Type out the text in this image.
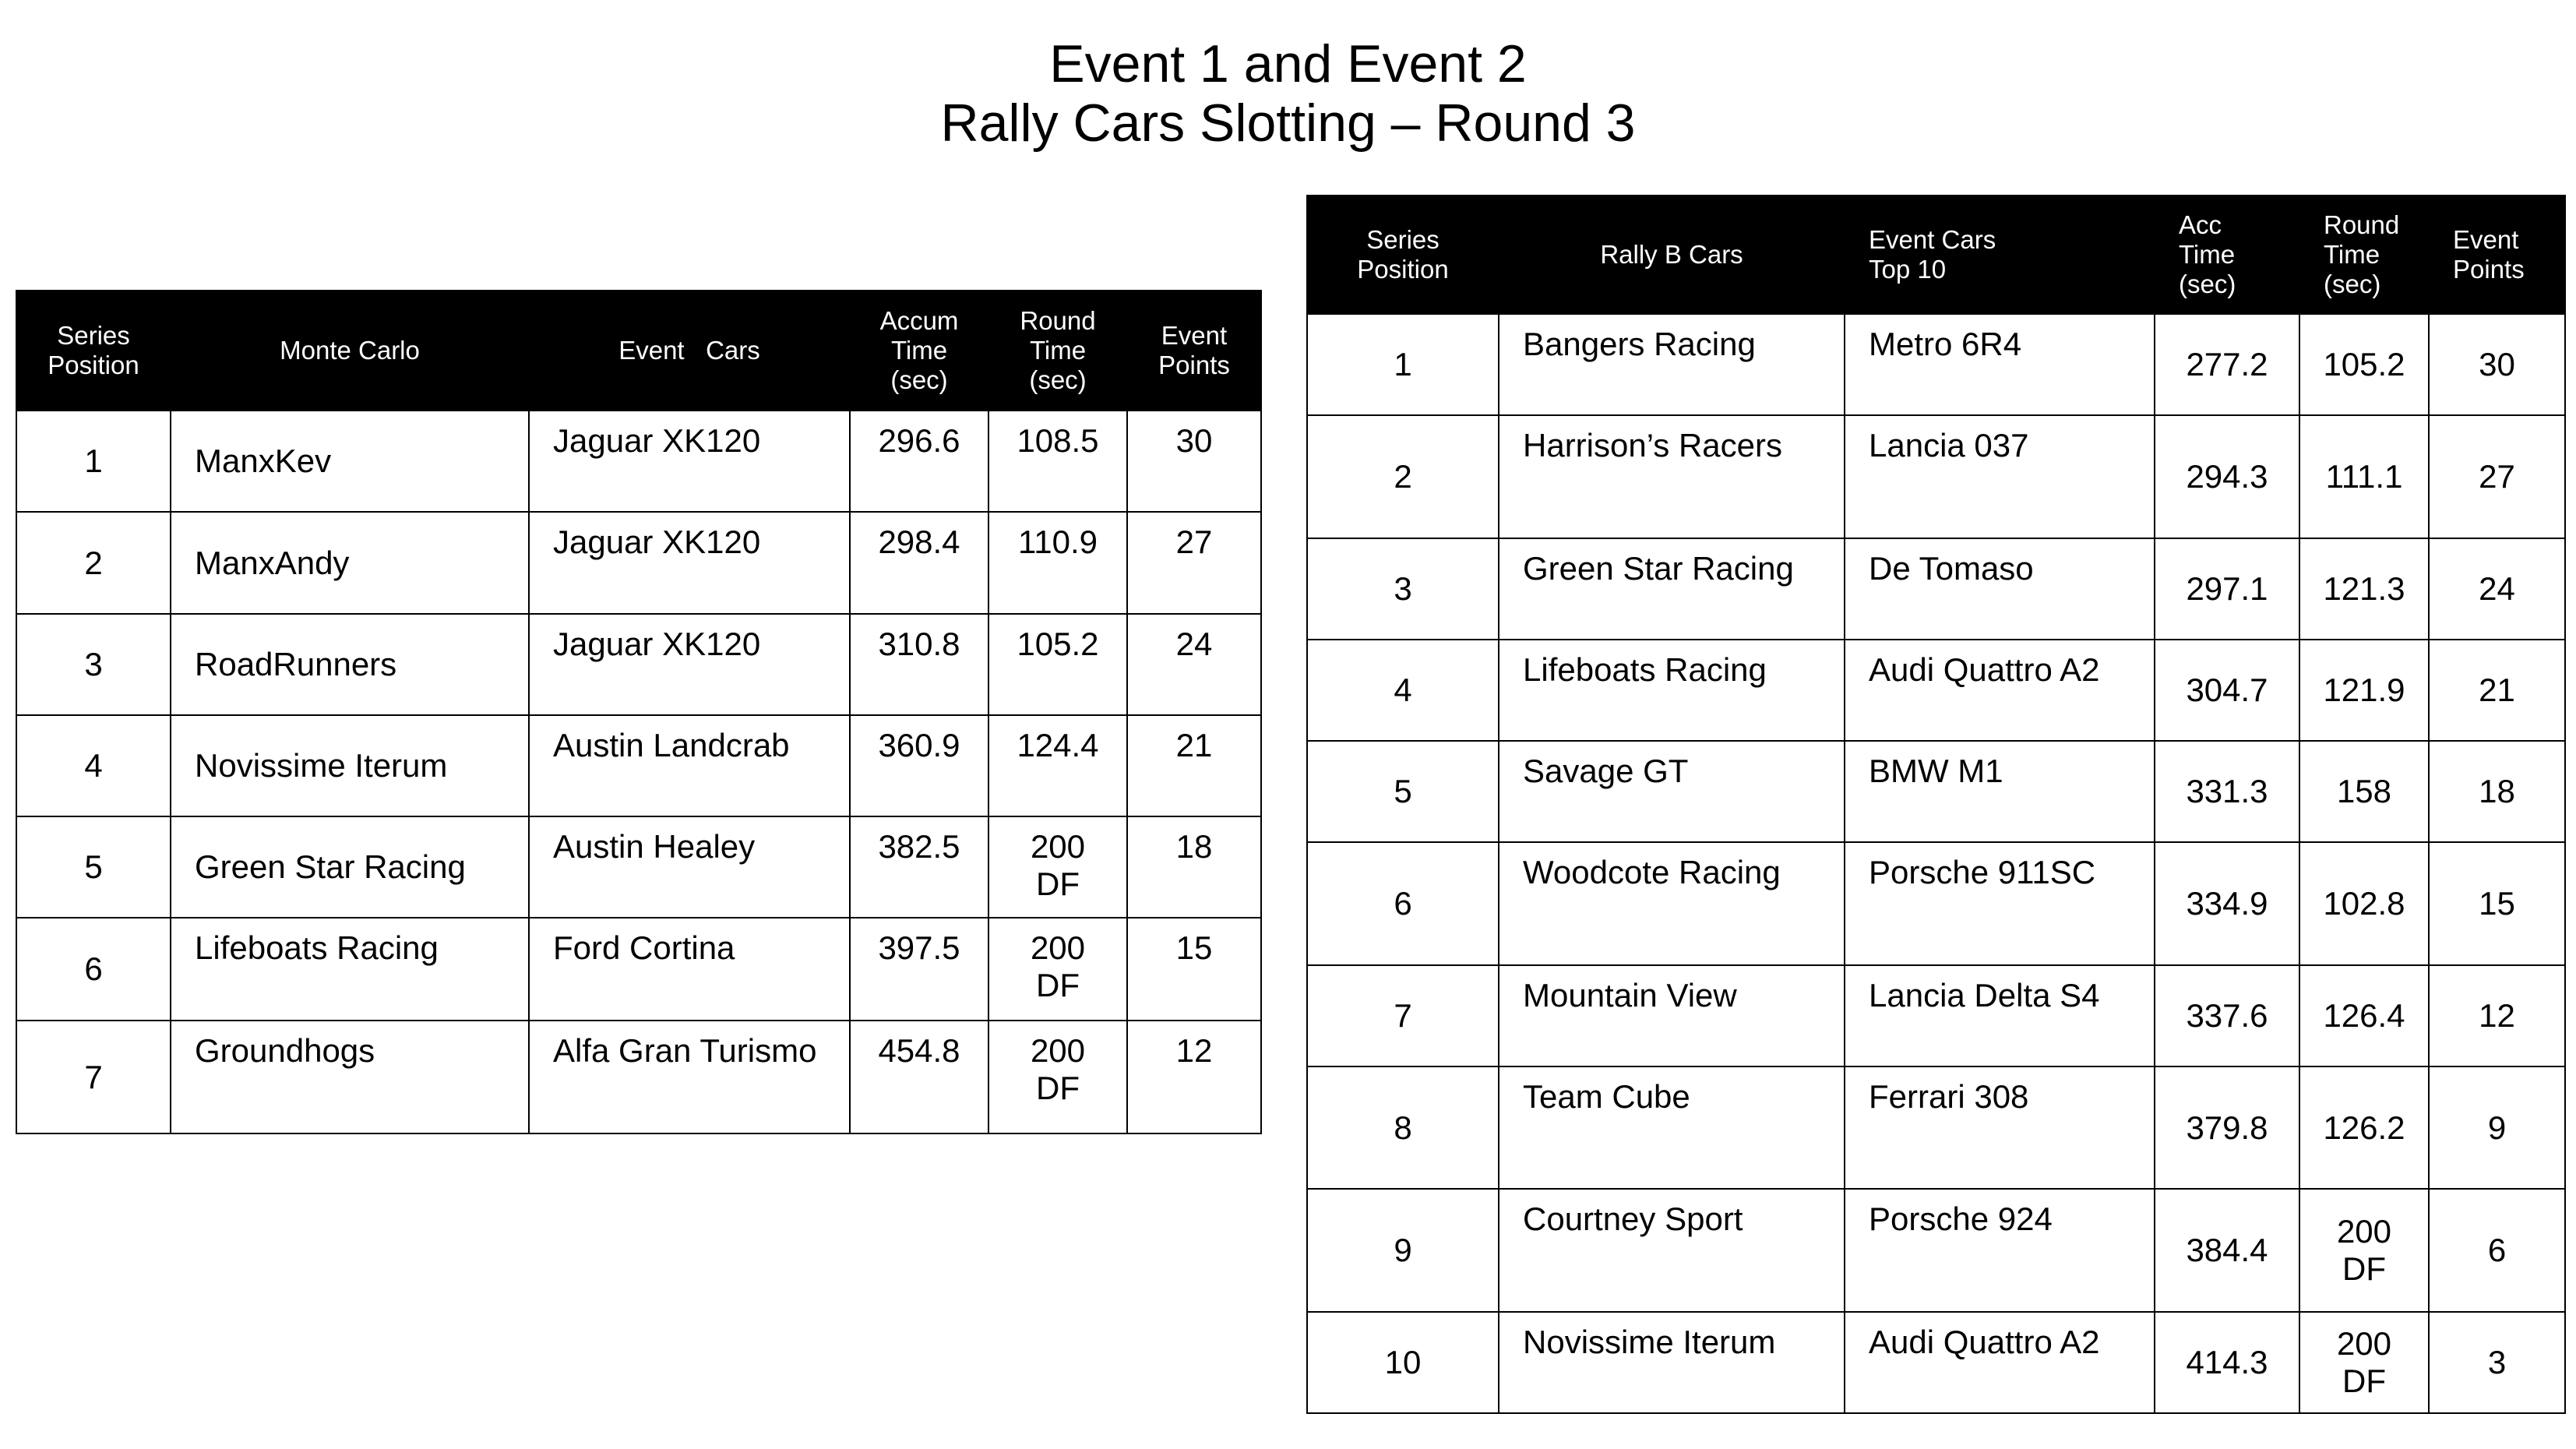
Event 1 and Event 2
Rally Cars Slotting – Round 3
Series
Position	Monte Carlo	Event   Cars	Accum
Time
(sec)	Round
Time
(sec)	Event
Points
1	ManxKev	Jaguar XK120	296.6	108.5	30
2	ManxAndy	Jaguar XK120	298.4	110.9	27
3	RoadRunners	Jaguar XK120	310.8	105.2	24
4	Novissime Iterum	Austin Landcrab	360.9	124.4	21
5	Green Star Racing	Austin Healey	382.5	200
DF	18
6	Lifeboats Racing	Ford Cortina	397.5	200
DF	15
7	Groundhogs	Alfa Gran Turismo	454.8	200
DF	12
Series
Position	Rally B Cars	Event Cars
Top 10	Acc
Time
(sec)	Round
Time
(sec)	Event
Points
1	Bangers Racing	Metro 6R4	277.2	105.2	30
2	Harrison’s Racers	Lancia 037	294.3	111.1	27
3	Green Star Racing	De Tomaso	297.1	121.3	24
4	Lifeboats Racing	Audi Quattro A2	304.7	121.9	21
5	Savage GT	BMW M1	331.3	158	18
6	Woodcote Racing	Porsche 911SC	334.9	102.8	15
7	Mountain View	Lancia Delta S4	337.6	126.4	12
8	Team Cube	Ferrari 308	379.8	126.2	9
9	Courtney Sport	Porsche 924	384.4	200
DF	6
10	Novissime Iterum	Audi Quattro A2	414.3	200
DF	3
